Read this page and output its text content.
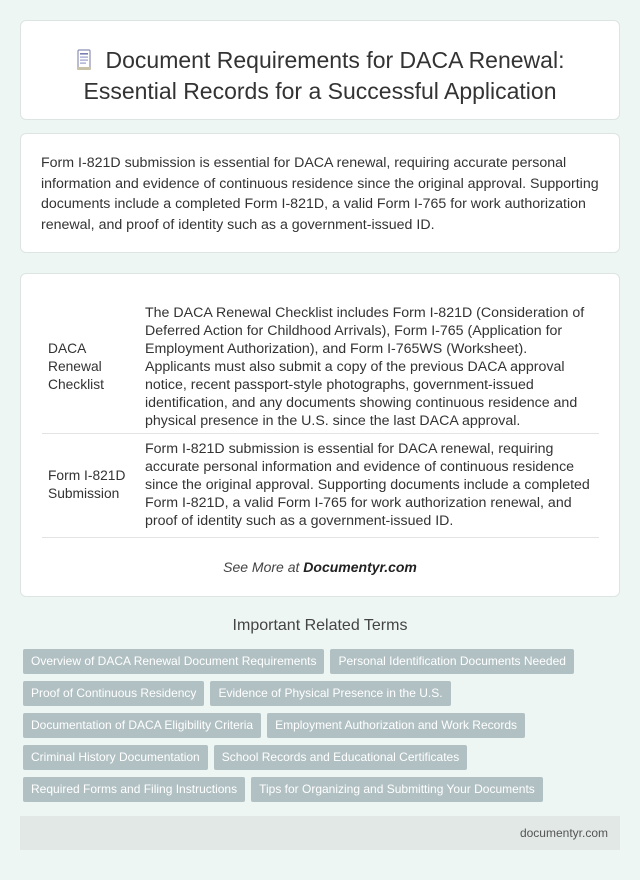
Document Requirements for DACA Renewal:
Essential Records for a Successful Application

Form I-821D submission is essential for DACA renewal, requiring accurate personal information and evidence of continuous residence since the original approval. Supporting documents include a completed Form I-821D, a valid Form I-765 for work authorization renewal, and proof of identity such as a government-issued ID.

DACA Renewal Checklist	The DACA Renewal Checklist includes Form I-821D (Consideration of Deferred Action for Childhood Arrivals), Form I-765 (Application for Employment Authorization), and Form I-765WS (Worksheet). Applicants must also submit a copy of the previous DACA approval notice, recent passport-style photographs, government-issued identification, and any documents showing continuous residence and physical presence in the U.S. since the last DACA approval.
Form I-821D Submission	Form I-821D submission is essential for DACA renewal, requiring accurate personal information and evidence of continuous residence since the original approval. Supporting documents include a completed Form I-821D, a valid Form I-765 for work authorization renewal, and proof of identity such as a government-issued ID.
See More at Documentyr.com
Important Related Terms
Overview of DACA Renewal Document Requirements Personal Identification Documents Needed
Proof of Continuous Residency Evidence of Physical Presence in the U.S.
Documentation of DACA Eligibility Criteria Employment Authorization and Work Records
Criminal History Documentation School Records and Educational Certificates
Required Forms and Filing Instructions Tips for Organizing and Submitting Your Documents
documentyr.com
